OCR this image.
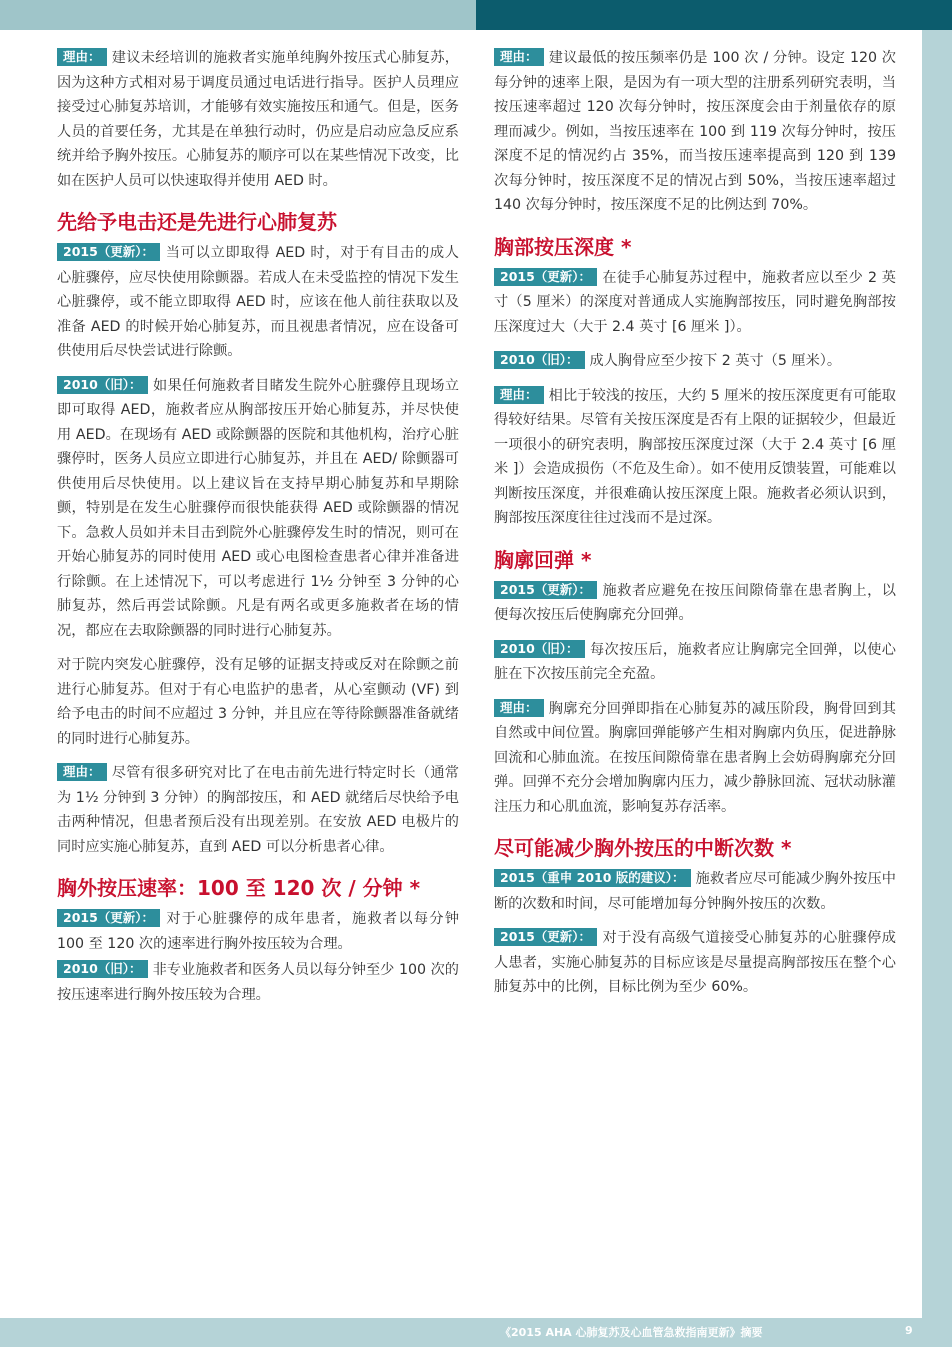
理由： 建议未经培训的施救者实施单纯胸外按压式心肺复苏，因为这种方式相对易于调度员通过电话进行指导。医护人员理应接受过心肺复苏培训，才能够有效实施按压和通气。但是，医务人员的首要任务，尤其是在单独行动时，仍应是启动应急反应系统并给予胸外按压。心肺复苏的顺序可以在某些情况下改变，比如在医护人员可以快速取得并使用 AED 时。

先给予电击还是先进行心肺复苏

2015（更新）： 当可以立即取得 AED 时，对于有目击的成人心脏骤停，应尽快使用除颤器。若成人在未受监控的情况下发生心脏骤停，或不能立即取得 AED 时，应该在他人前往获取以及准备 AED 的时候开始心肺复苏，而且视患者情况，应在设备可供使用后尽快尝试进行除颤。

2010（旧）： 如果任何施救者目睹发生院外心脏骤停且现场立即可取得 AED，施救者应从胸部按压开始心肺复苏，并尽快使用 AED。在现场有 AED 或除颤器的医院和其他机构，治疗心脏骤停时，医务人员应立即进行心肺复苏，并且在 AED/ 除颤器可供使用后尽快使用。以上建议旨在支持早期心肺复苏和早期除颤，特别是在发生心脏骤停而很快能获得 AED 或除颤器的情况下。急救人员如并未目击到院外心脏骤停发生时的情况，则可在开始心肺复苏的同时使用 AED 或心电图检查患者心律并准备进行除颤。在上述情况下，可以考虑进行 1½ 分钟至 3 分钟的心肺复苏，然后再尝试除颤。凡是有两名或更多施救者在场的情况，都应在去取除颤器的同时进行心肺复苏。

对于院内突发心脏骤停，没有足够的证据支持或反对在除颤之前进行心肺复苏。但对于有心电监护的患者，从心室颤动 (VF) 到给予电击的时间不应超过 3 分钟，并且应在等待除颤器准备就绪的同时进行心肺复苏。

理由： 尽管有很多研究对比了在电击前先进行特定时长（通常为 1½ 分钟到 3 分钟）的胸部按压，和 AED 就绪后尽快给予电击两种情况，但患者预后没有出现差别。在安放 AED 电极片的同时应实施心肺复苏，直到 AED 可以分析患者心律。

胸外按压速率：100 至 120 次 / 分钟 *

2015（更新）： 对于心脏骤停的成年患者，施救者以每分钟 100 至 120 次的速率进行胸外按压较为合理。

2010（旧）： 非专业施救者和医务人员以每分钟至少 100 次的按压速率进行胸外按压较为合理。

理由： 建议最低的按压频率仍是 100 次 / 分钟。设定 120 次每分钟的速率上限，是因为有一项大型的注册系列研究表明，当按压速率超过 120 次每分钟时，按压深度会由于剂量依存的原理而减少。例如，当按压速率在 100 到 119 次每分钟时，按压深度不足的情况约占 35%，而当按压速率提高到 120 到 139 次每分钟时，按压深度不足的情况占到 50%，当按压速率超过 140 次每分钟时，按压深度不足的比例达到 70%。

胸部按压深度 *

2015（更新）： 在徒手心肺复苏过程中，施救者应以至少 2 英寸（5 厘米）的深度对普通成人实施胸部按压，同时避免胸部按压深度过大（大于 2.4 英寸 [6 厘米 ]）。

2010（旧）： 成人胸骨应至少按下 2 英寸（5 厘米）。

理由： 相比于较浅的按压，大约 5 厘米的按压深度更有可能取得较好结果。尽管有关按压深度是否有上限的证据较少，但最近一项很小的研究表明，胸部按压深度过深（大于 2.4 英寸 [6 厘米 ]）会造成损伤（不危及生命）。如不使用反馈装置，可能难以判断按压深度，并很难确认按压深度上限。施救者必须认识到，胸部按压深度往往过浅而不是过深。

胸廓回弹 *

2015（更新）： 施救者应避免在按压间隙倚靠在患者胸上，以便每次按压后使胸廓充分回弹。

2010（旧）： 每次按压后，施救者应让胸廓完全回弹，以使心脏在下次按压前完全充盈。

理由： 胸廓充分回弹即指在心肺复苏的减压阶段，胸骨回到其自然或中间位置。胸廓回弹能够产生相对胸廓内负压，促进静脉回流和心肺血流。在按压间隙倚靠在患者胸上会妨碍胸廓充分回弹。回弹不充分会增加胸廓内压力，减少静脉回流、冠状动脉灌注压力和心肌血流，影响复苏存活率。

尽可能减少胸外按压的中断次数 *

2015（重申 2010 版的建议）： 施救者应尽可能减少胸外按压中断的次数和时间，尽可能增加每分钟胸外按压的次数。

2015（更新）： 对于没有高级气道接受心肺复苏的心脏骤停成人患者，实施心肺复苏的目标应该是尽量提高胸部按压在整个心肺复苏中的比例，目标比例为至少 60%。

《2015 AHA 心肺复苏及心血管急救指南更新》摘要	9
